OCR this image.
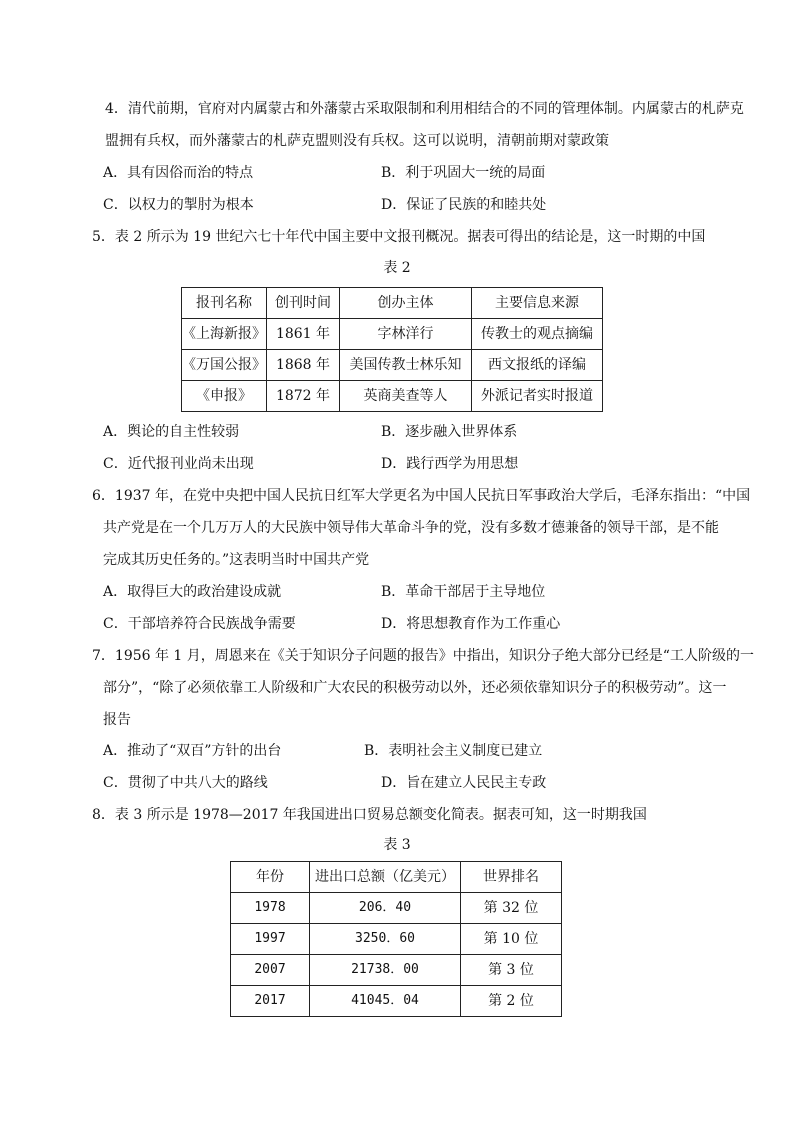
4．清代前期，官府对内属蒙古和外藩蒙古采取限制和利用相结合的不同的管理体制。内属蒙古的札萨克
盟拥有兵权，而外藩蒙古的札萨克盟则没有兵权。这可以说明，清朝前期对蒙政策
A．具有因俗而治的特点	B．利于巩固大一统的局面
C．以权力的掣肘为根本	D．保证了民族的和睦共处
5．表 2 所示为 19 世纪六七十年代中国主要中文报刊概况。据表可得出的结论是，这一时期的中国
表 2
报刊名称	创刊时间	创办主体	主要信息来源
《上海新报》	1861 年	字林洋行	传教士的观点摘编
《万国公报》	1868 年	美国传教士林乐知	西文报纸的译编
《申报》	1872 年	英商美查等人	外派记者实时报道
A．舆论的自主性较弱	B．逐步融入世界体系
C．近代报刊业尚未出现	D．践行西学为用思想
6．1937 年，在党中央把中国人民抗日红军大学更名为中国人民抗日军事政治大学后，毛泽东指出：“中国
共产党是在一个几万万人的大民族中领导伟大革命斗争的党，没有多数才德兼备的领导干部，是不能
完成其历史任务的。”这表明当时中国共产党
A．取得巨大的政治建设成就	B．革命干部居于主导地位
C．干部培养符合民族战争需要	D．将思想教育作为工作重心
7．1956 年 1 月，周恩来在《关于知识分子问题的报告》中指出，知识分子绝大部分已经是“工人阶级的一
部分”，“除了必须依靠工人阶级和广大农民的积极劳动以外，还必须依靠知识分子的积极劳动”。这一
报告
A．推动了“双百”方针的出台	B．表明社会主义制度已建立
C．贯彻了中共八大的路线	D．旨在建立人民民主专政
8．表 3 所示是 1978—2017 年我国进出口贸易总额变化简表。据表可知，这一时期我国
表 3
年份	进出口总额（亿美元）	世界排名
1978	206．40	第 32 位
1997	3250．60	第 10 位
2007	21738．00	第 3 位
2017	41045．04	第 2 位
